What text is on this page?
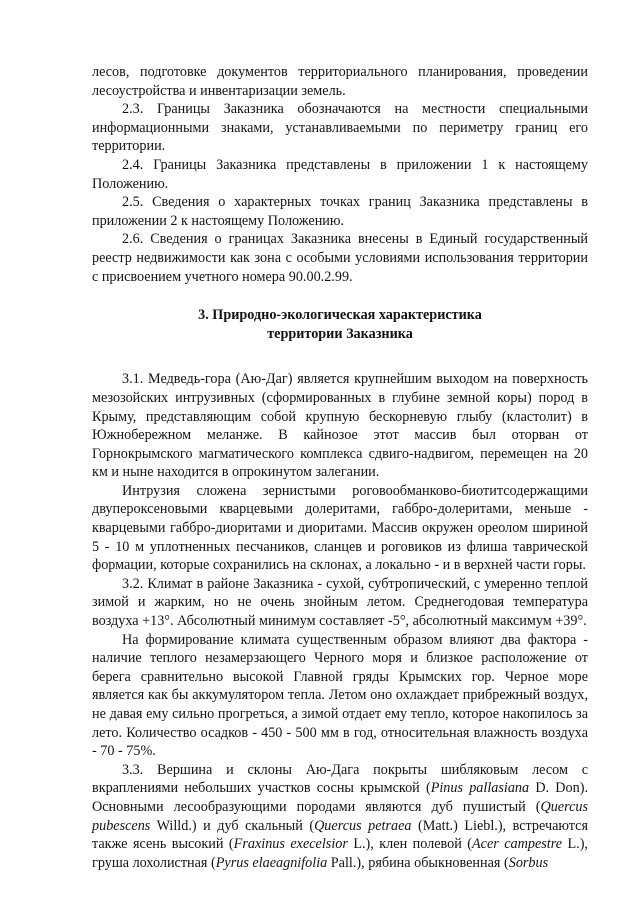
лесов, подготовке документов территориального планирования, проведении лесоустройства и инвентаризации земель.

2.3. Границы Заказника обозначаются на местности специальными информационными знаками, устанавливаемыми по периметру границ его территории.

2.4. Границы Заказника представлены в приложении 1 к настоящему Положению.

2.5. Сведения о характерных точках границ Заказника представлены в приложении 2 к настоящему Положению.

2.6. Сведения о границах Заказника внесены в Единый государственный реестр недвижимости как зона с особыми условиями использования территории с присвоением учетного номера 90.00.2.99.

3. Природно-экологическая характеристика
территории Заказника

3.1. Медведь-гора (Аю-Даг) является крупнейшим выходом на поверхность мезозойских интрузивных (сформированных в глубине земной коры) пород в Крыму, представляющим собой крупную бескорневую глыбу (кластолит) в Южнобережном меланже. В кайнозое этот массив был оторван от Горнокрымского магматического комплекса сдвиго-надвигом, перемещен на 20 км и ныне находится в опрокинутом залегании.

Интрузия сложена зернистыми роговообманково-биотитсодержащими двупероксеновыми кварцевыми долеритами, габбро-долеритами, меньше - кварцевыми габбро-диоритами и диоритами. Массив окружен ореолом шириной 5 - 10 м уплотненных песчаников, сланцев и роговиков из флиша таврической формации, которые сохранились на склонах, а локально - и в верхней части горы.

3.2. Климат в районе Заказника - сухой, субтропический, с умеренно теплой зимой и жарким, но не очень знойным летом. Среднегодовая температура воздуха +13°. Абсолютный минимум составляет -5°, абсолютный максимум +39°.

На формирование климата существенным образом влияют два фактора - наличие теплого незамерзающего Черного моря и близкое расположение от берега сравнительно высокой Главной гряды Крымских гор. Черное море является как бы аккумулятором тепла. Летом оно охлаждает прибрежный воздух, не давая ему сильно прогреться, а зимой отдает ему тепло, которое накопилось за лето. Количество осадков - 450 - 500 мм в год, относительная влажность воздуха - 70 - 75%.

3.3. Вершина и склоны Аю-Дага покрыты шибляковым лесом с вкраплениями небольших участков сосны крымской (Pinus pallasiana D. Don). Основными лесообразующими породами являются дуб пушистый (Quercus pubescens Willd.) и дуб скальный (Quercus petraea (Matt.) Liebl.), встречаются также ясень высокий (Fraxinus execelsior L.), клен полевой (Acer campestre L.), груша лохолистная (Pyrus elaeagnifolia Pall.), рябина обыкновенная (Sorbus
